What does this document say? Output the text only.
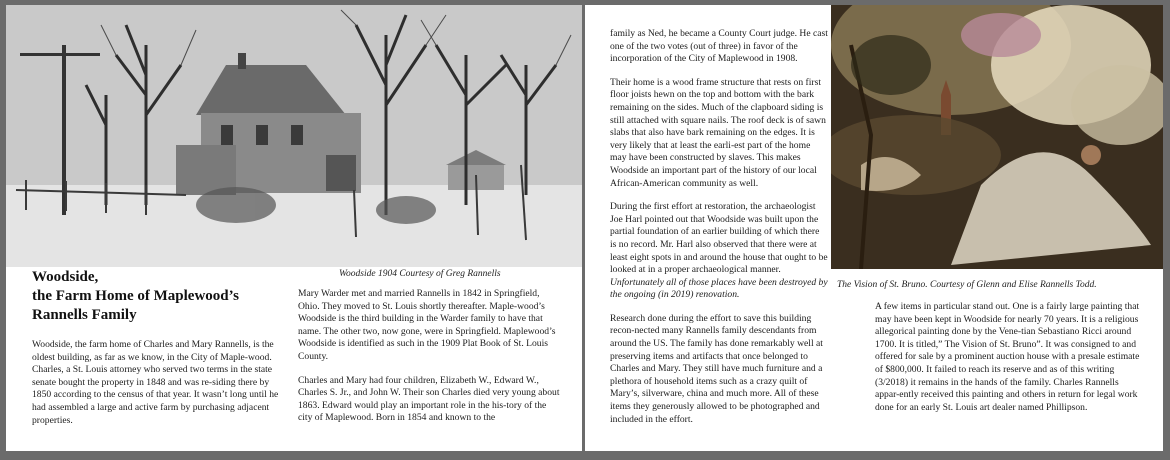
Woodside 1904 Courtesy of Greg Rannells
Woodside,
the Farm Home of Maplewood’s
Rannells Family

Woodside, the farm home of Charles and Mary Rannells, is the oldest building, as far as we know, in the City of Maple-wood. Charles, a St. Louis attorney who served two terms in the state senate bought the property in 1848 and was re-siding there by 1850 according to the census of that year. It wasn’t long until he had assembled a large and active farm by purchasing adjacent properties.

Mary Warder met and married Rannells in 1842 in Springfield, Ohio. They moved to St. Louis shortly thereafter. Maple-wood’s Woodside is the third building in the Warder family to have that name. The other two, now gone, were in Springfield. Maplewood’s Woodside is identified as such in the 1909 Plat Book of St. Louis County.

Charles and Mary had four children, Elizabeth W., Edward W., Charles S. Jr., and John W. Their son Charles died very young about 1863. Edward would play an important role in the his-tory of the city of Maplewood. Born in 1854 and known to the

family as Ned, he became a County Court judge. He cast one of the two votes (out of three) in favor of the incorporation of the City of Maplewood in 1908.

Their home is a wood frame structure that rests on first floor joists hewn on the top and bottom with the bark remaining on the sides. Much of the clapboard siding is still attached with square nails. The roof deck is of sawn slabs that also have bark remaining on the edges. It is very likely that at least the earli-est part of the home may have been constructed by slaves. This makes Woodside an important part of the history of our local African-American community as well.

During the first effort at restoration, the archaeologist Joe Harl pointed out that Woodside was built upon the partial foundation of an earlier building of which there is no record. Mr. Harl also observed that there were at least eight spots in and around the house that ought to be looked at in a proper archaeological manner. Unfortunately all of those places have been destroyed by the ongoing (in 2019) renovation.

Research done during the effort to save this building recon-nected many Rannells family descendants from around the US. The family has done remarkably well at preserving items and artifacts that once belonged to Charles and Mary. They still have much furniture and a plethora of household items such as a crazy quilt of Mary’s, silverware, china and much more. All of these items they generously allowed to be photographed and included in the effort.

The Vision of St. Bruno. Courtesy of Glenn and Elise Rannells Todd.

A few items in particular stand out. One is a fairly large painting that may have been kept in Woodside for nearly 70 years. It is a religious allegorical painting done by the Vene-tian Sebastiano Ricci around 1700. It is titled,” The Vision of St. Bruno”. It was consigned to and offered for sale by a prominent auction house with a presale estimate of $800,000. It failed to reach its reserve and as of this writing (3/2018) it remains in the hands of the family. Charles Rannells appar-ently received this painting and others in return for legal work done for an early St. Louis art dealer named Phillipson.
